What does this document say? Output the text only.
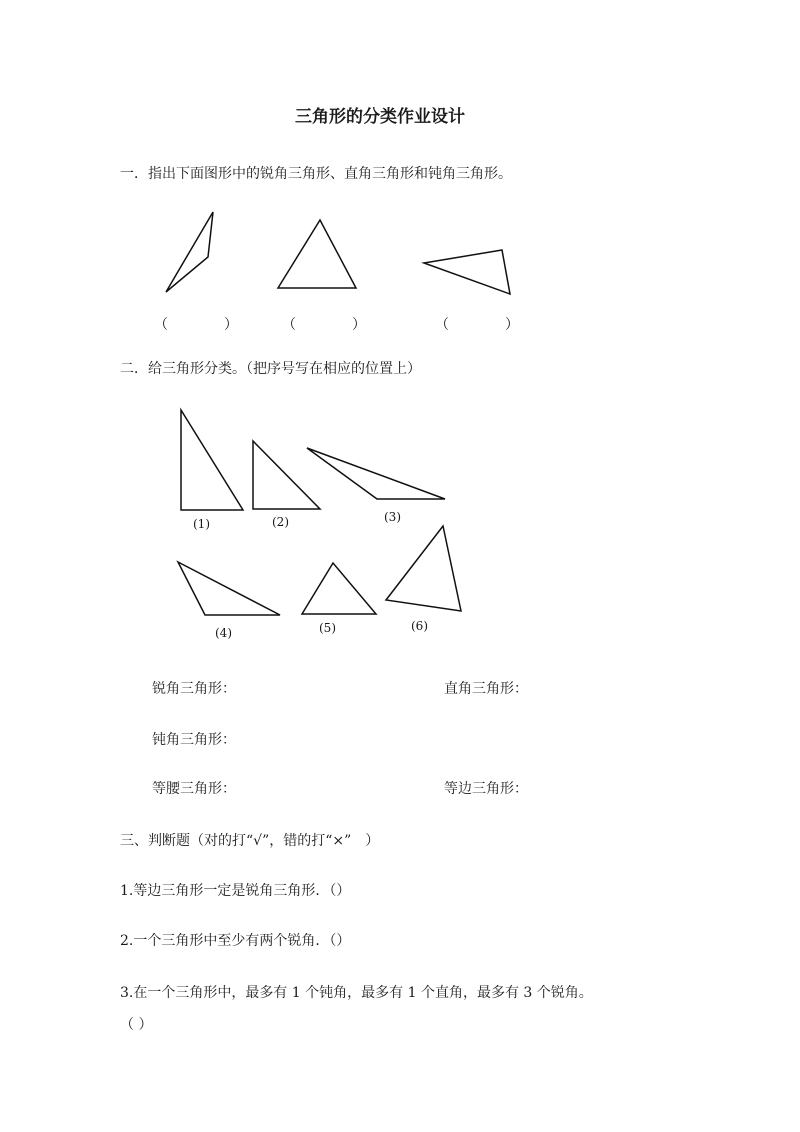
三角形的分类作业设计
一．指出下面图形中的锐角三角形、直角三角形和钝角三角形。
（　　　　）	（　　　　）	（　　　　）
二．给三角形分类。（把序号写在相应的位置上）
(1)	(2)	(3)
(4)	(5)	(6)
锐角三角形：	直角三角形：
钝角三角形：
等腰三角形：	等边三角形：
三、判断题（对的打“√”，错的打“×”　）
1.等边三角形一定是锐角三角形．（）
2.一个三角形中至少有两个锐角．（）
3.在一个三角形中，最多有 1 个钝角，最多有 1 个直角，最多有 3 个锐角。
（ ）
